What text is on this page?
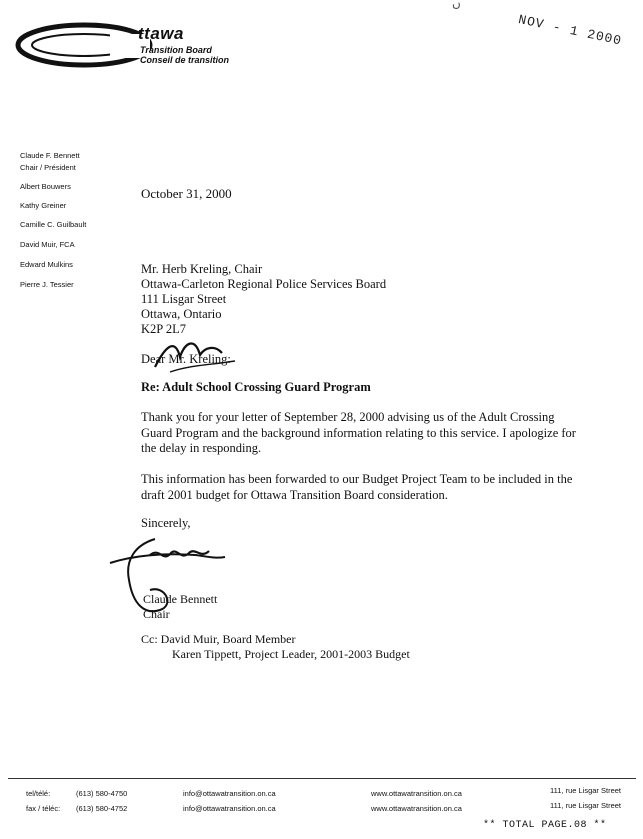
ttawa
Transition Board
Conseil de transition
NOV - 1 2000
ں
Claude F. Bennett
Chair / Président
Albert Bouwers
Kathy Greiner
Camille C. Guilbault
David Muir, FCA
Edward Mulkins
Pierre J. Tessier
October 31, 2000
Mr. Herb Kreling, Chair
Ottawa-Carleton Regional Police Services Board
111 Lisgar Street
Ottawa, Ontario
K2P 2L7
Dear Mr. Kreling:
Re: Adult School Crossing Guard Program
Thank you for your letter of September 28, 2000 advising us of the Adult Crossing Guard Program and the background information relating to this service. I apologize for the delay in responding.
This information has been forwarded to our Budget Project Team to be included in the draft 2001 budget for Ottawa Transition Board consideration.
Sincerely,
Claude Bennett
Chair
Cc: David Muir, Board Member
Karen Tippett, Project Leader, 2001-2003 Budget
tel/télé:	(613) 580-4750
fax / téléc: (613) 580-4752
info@ottawatransition.on.ca
info@ottawatransition.on.ca
www.ottawatransition.on.ca
www.ottawatransition.on.ca
111, rue Lisgar Street
111, rue Lisgar Street
** TOTAL PAGE.08 **
